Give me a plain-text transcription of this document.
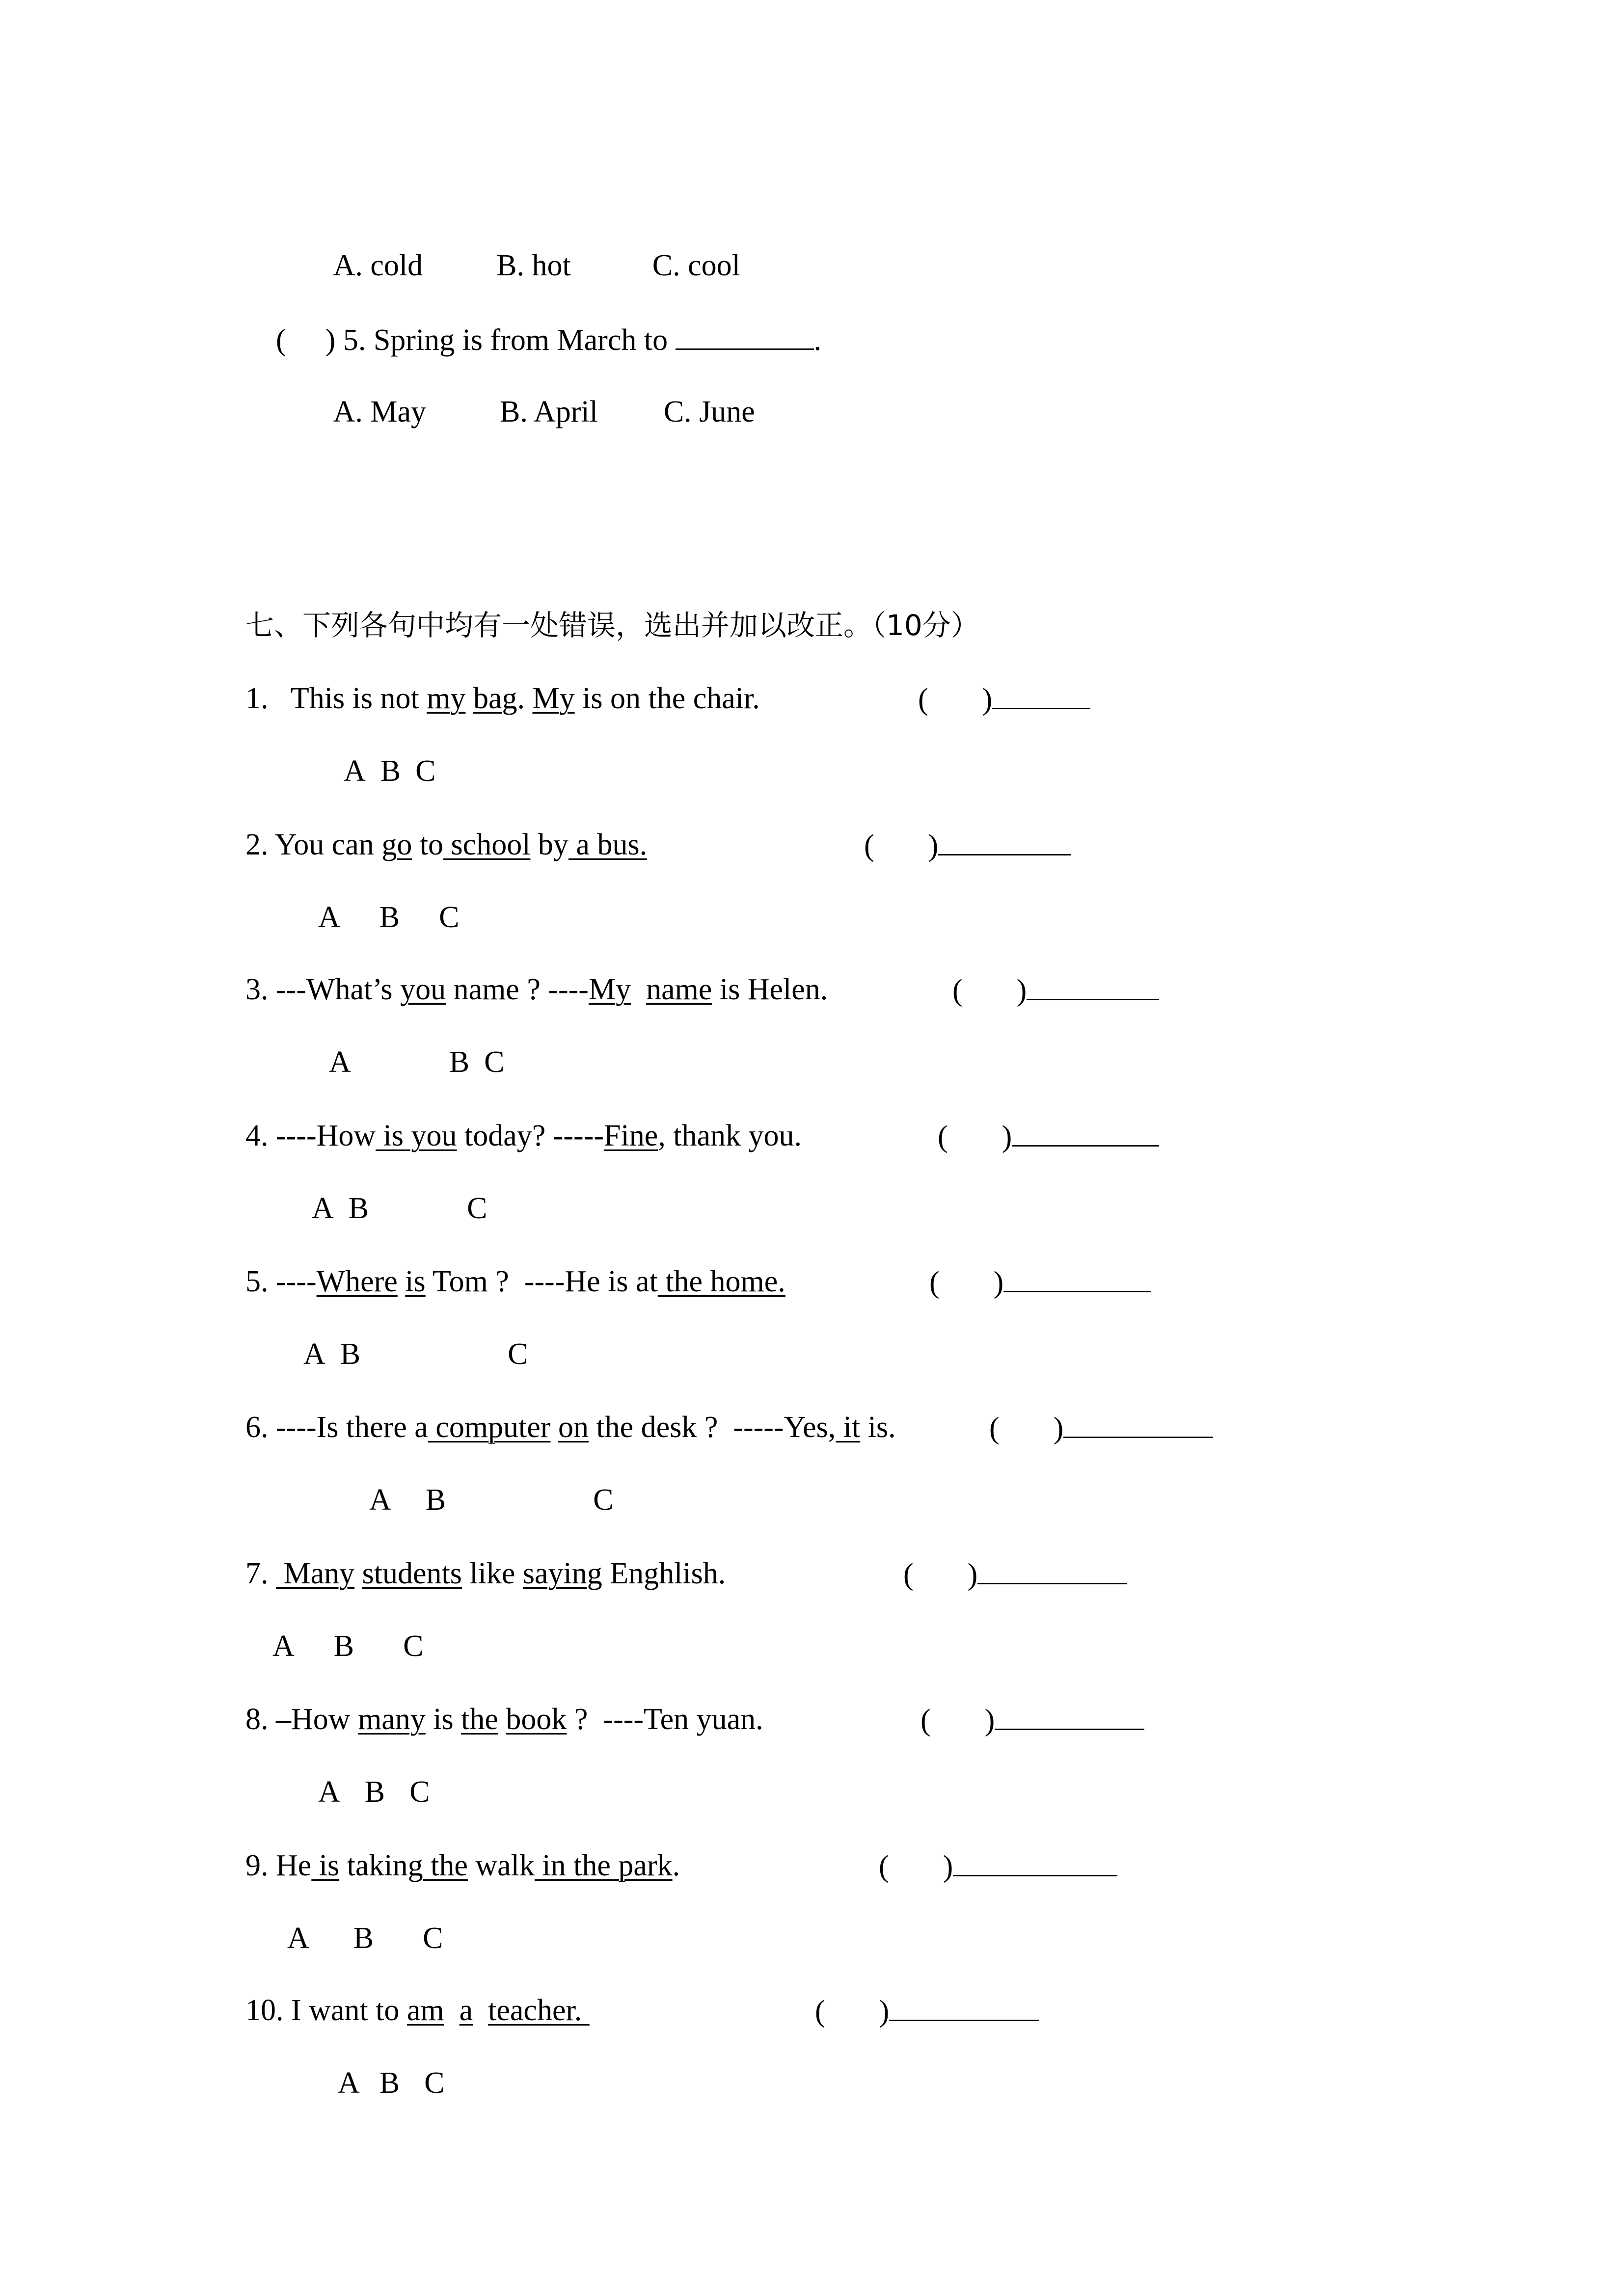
A. cold B. hot	C. cool

( ) 5. Spring is from March to	.

A. May B. April C. June

七、下列各句中均有一处错误，选出并加以改正。（10分）
1. This is not my bag. My is on the chair.	( )
A B C
2. You can go to school by a bus.	( )
A B C
3. ---What’s you name ? ----My name is Helen.	( )
A	B C
4. ----How is you today? -----Fine, thank you.	( )
A B	C
5. ----Where is Tom ?  ----He is at the home.	( )
A B	C
6. ----Is there a computer on the desk ?  -----Yes, it is.	( )
A B	C
7.  Many students like saying Enghlish.	( )
A B C
8. –How many is the book ?  ----Ten yuan.	( )
A B C
9. He is taking the walk in the park.	( )
A B C
10. I want to am a teacher.	( )
A B C
